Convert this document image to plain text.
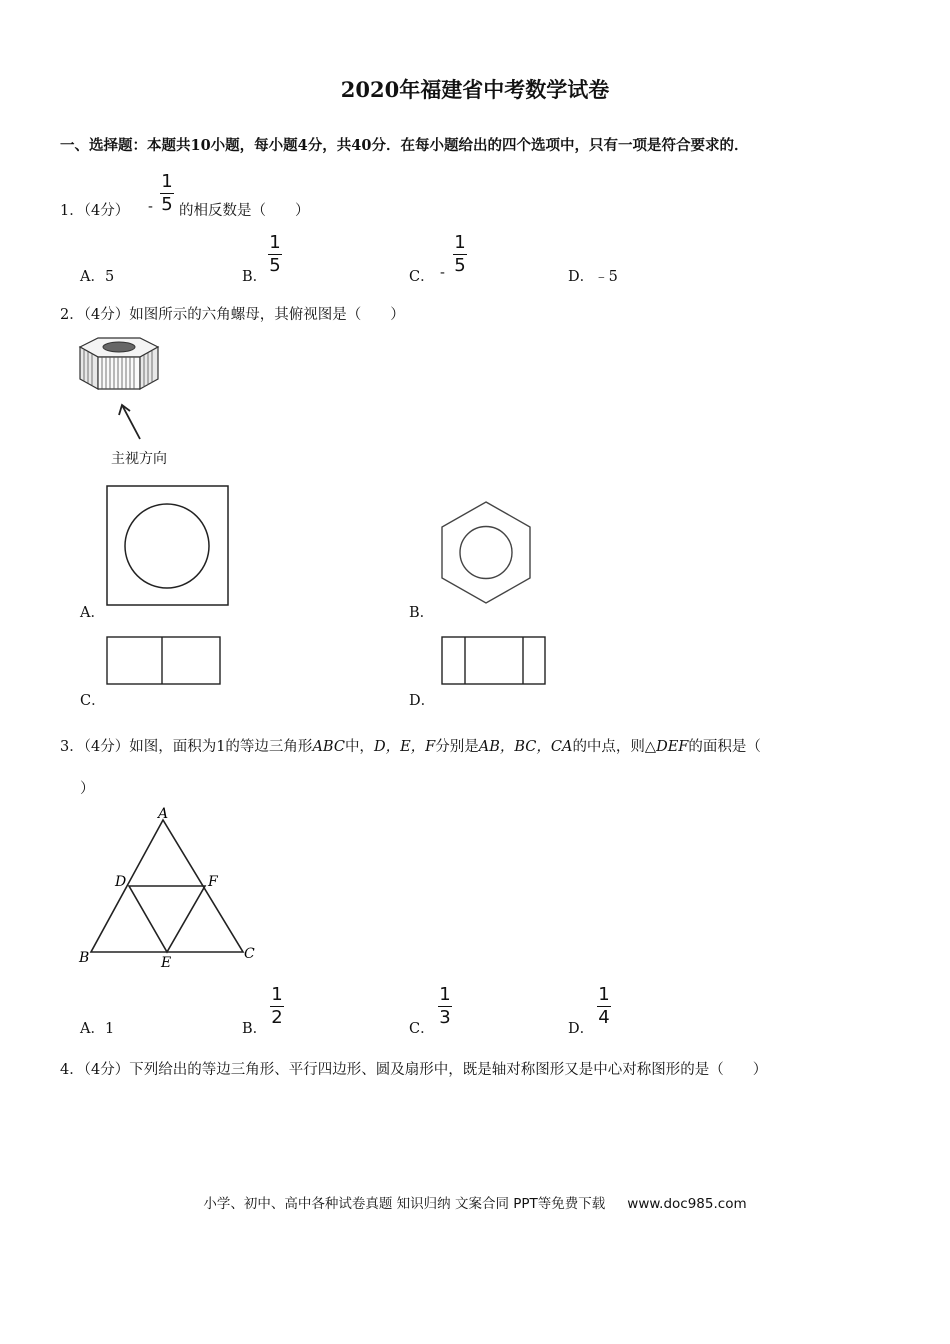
2020年福建省中考数学试卷
一、选择题：本题共10小题，每小题4分，共40分．在每小题给出的四个选项中，只有一项是符合要求的．
1．（4分） -
1
5 的相反数是（　　）
A．5	B．
1
5
C． -
1
5
D．﹣5
2．（4分）如图所示的六角螺母，其俯视图是（　　）
主视方向
A．	B．
C．	D．
3．（4分）如图，面积为1的等边三角形ABC中，D，E，F分别是AB，BC，CA的中点，则△DEF的面积是（
）
A
B	C
D
E
F
A．1	B．
1
2
C．
1
3
D．
1
4
4．（4分）下列给出的等边三角形、平行四边形、圆及扇形中，既是轴对称图形又是中心对称图形的是（　　）
小学、初中、高中各种试卷真题 知识归纳 文案合同 PPT等免费下载 www.doc985.com
